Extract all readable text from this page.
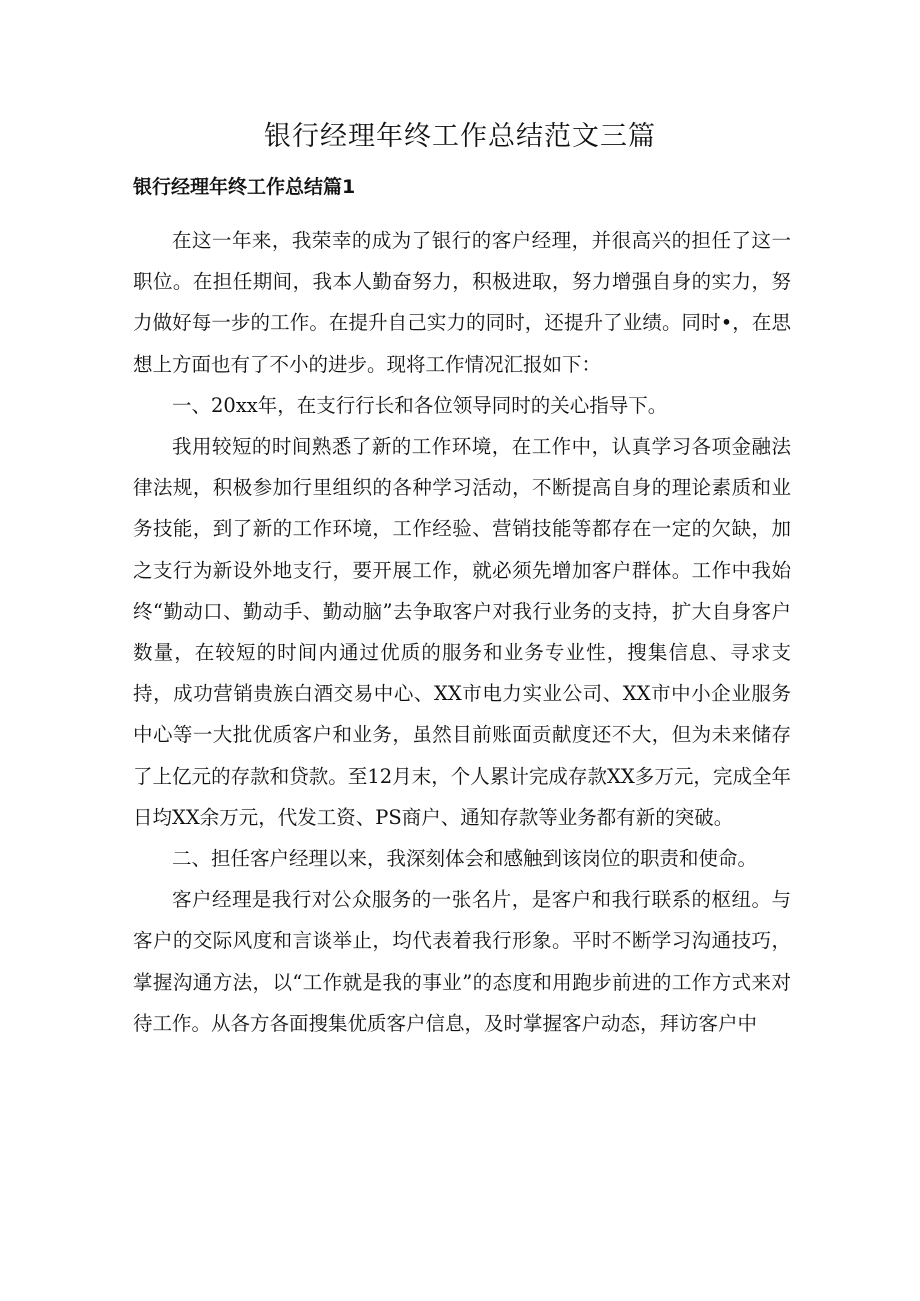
银行经理年终工作总结范文三篇
银行经理年终工作总结篇1

在这一年来，我荣幸的成为了银行的客户经理，并很高兴的担任了这一职位。在担任期间，我本人勤奋努力，积极进取，努力增强自身的实力，努力做好每一步的工作。在提升自己实力的同时，还提升了业绩。同时•，在思想上方面也有了不小的进步。现将工作情况汇报如下：

一、20xx年，在支行行长和各位领导同时的关心指导下。

我用较短的时间熟悉了新的工作环境，在工作中，认真学习各项金融法律法规，积极参加行里组织的各种学习活动，不断提高自身的理论素质和业务技能，到了新的工作环境，工作经验、营销技能等都存在一定的欠缺，加之支行为新设外地支行，要开展工作，就必须先增加客户群体。工作中我始终“勤动口、勤动手、勤动脑”去争取客户对我行业务的支持，扩大自身客户数量，在较短的时间内通过优质的服务和业务专业性，搜集信息、寻求支持，成功营销贵族白酒交易中心、XX市电力实业公司、XX市中小企业服务中心等一大批优质客户和业务，虽然目前账面贡献度还不大，但为未来储存了上亿元的存款和贷款。至12月末，个人累计完成存款XX多万元，完成全年日均XX余万元，代发工资、PS商户、通知存款等业务都有新的突破。

二、担任客户经理以来，我深刻体会和感触到该岗位的职责和使命。

客户经理是我行对公众服务的一张名片，是客户和我行联系的枢纽。与客户的交际风度和言谈举止，均代表着我行形象。平时不断学习沟通技巧，掌握沟通方法，以“工作就是我的事业”的态度和用跑步前进的工作方式来对待工作。从各方各面搜集优质客户信息，及时掌握客户动态，拜访客户中
